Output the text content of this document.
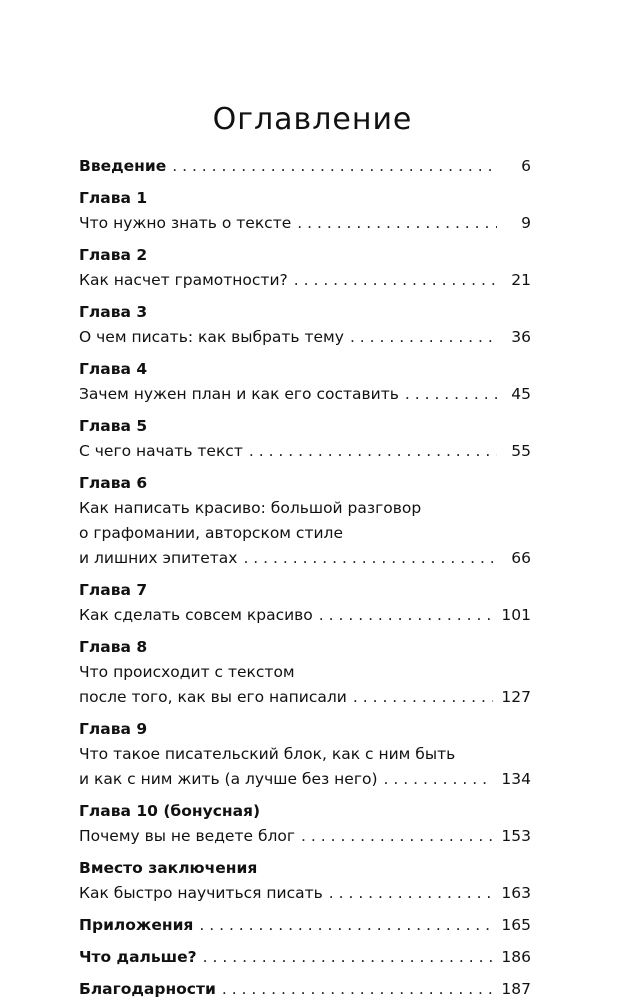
Оглавление
Введение . . .	6
Глава 1
Что нужно знать о тексте . . .	9
Глава 2
Как насчет грамотности? . . .	21
Глава 3
О чем писать: как выбрать тему . . .	36
Глава 4
Зачем нужен план и как его составить . . .	45
Глава 5
С чего начать текст . . .	55
Глава 6
Как написать красиво: большой разговор
о графомании, авторском стиле
и лишних эпитетах . . .	66
Глава 7
Как сделать совсем красиво . . .	101
Глава 8
Что происходит с текстом
после того, как вы его написали . . .	127
Глава 9
Что такое писательский блок, как с ним быть
и как с ним жить (а лучше без него) . . .	134
Глава 10 (бонусная)
Почему вы не ведете блог . . .	153
Вместо заключения
Как быстро научиться писать . . .	163
Приложения . . .	165
Что дальше? . . .	186
Благодарности . . .	187
